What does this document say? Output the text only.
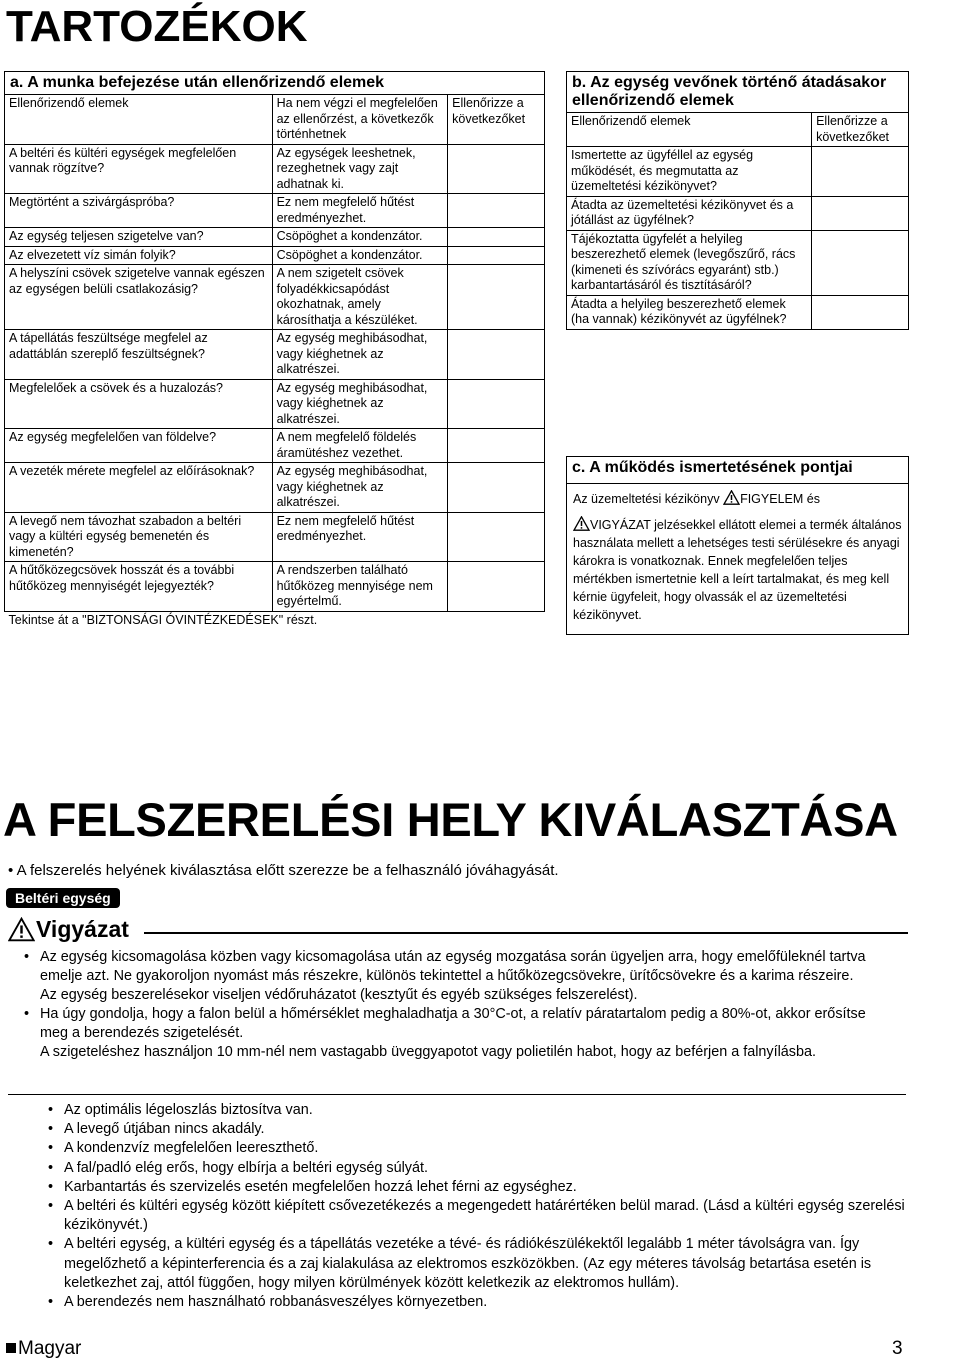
TARTOZÉKOK
a. A munka befejezése után ellenőrizendő elemek		
Ellenőrizendő elemek	Ha nem végzi el megfelelően az ellenőrzést, a következők történhetnek	Ellenőrizze a következőket
A beltéri és kültéri egységek megfelelően vannak rögzítve?	Az egységek leeshetnek, rezeghetnek vagy zajt adhatnak ki.	
Megtörtént a szivárgáspróba?	Ez nem megfelelő hűtést eredményezhet.	
Az egység teljesen szigetelve van?	Csöpöghet a kondenzátor.	
Az elvezetett víz simán folyik?	Csöpöghet a kondenzátor.	
A helyszíni csövek szigetelve vannak egészen az egységen belüli csatlakozásig?	A nem szigetelt csövek folyadékkicsapódást okozhatnak, amely károsíthatja a készüléket.	
A tápellátás feszültsége megfelel az adattáblán szereplő feszültségnek?	Az egység meghibásodhat, vagy kiéghetnek az alkatrészei.	
Megfelelőek a csövek és a huzalozás?	Az egység meghibásodhat, vagy kiéghetnek az alkatrészei.	
Az egység megfelelően van földelve?	A nem megfelelő földelés áramütéshez vezethet.	
A vezeték mérete megfelel az előírásoknak?	Az egység meghibásodhat, vagy kiéghetnek az alkatrészei.	
A levegő nem távozhat szabadon a beltéri vagy a kültéri egység bemenetén és kimenetén?	Ez nem megfelelő hűtést eredményezhet.	
A hűtőközegcsövek hosszát és a további hűtőközeg mennyiségét lejegyezték?	A rendszerben található hűtőközeg mennyisége nem egyértelmű.	
Tekintse át a "BIZTONSÁGI ÓVINTÉZKEDÉSEK" részt.		
b. Az egység vevőnek történő átadásakor ellenőrizendő elemek	
Ellenőrizendő elemek	Ellenőrizze a következőket
Ismertette az ügyféllel az egység működését, és megmutatta az üzemeltetési kézikönyvet?	
Átadta az üzemeltetési kézikönyvet és a jótállást az ügyfélnek?	
Tájékoztatta ügyfelét a helyileg beszerezhető elemek (levegőszűrő, rács (kimeneti és szívórács egyaránt) stb.) karbantartásáról és tisztításáról?	
Átadta a helyileg beszerezhető elemek (ha vannak) kézikönyvét az ügyfélnek?	
c. A működés ismertetésének pontjai
Az üzemeltetési kézikönyv FIGYELEM és
VIGYÁZAT jelzésekkel ellátott elemei a termék általános használata mellett a lehetséges testi sérülésekre és anyagi károkra is vonatkoznak. Ennek megfelelően teljes mértékben ismertetnie kell a leírt tartalmakat, és meg kell kérnie ügyfeleit, hogy olvassák el az üzemeltetési kézikönyvet.
A FELSZERELÉSI HELY KIVÁLASZTÁSA
• A felszerelés helyének kiválasztása előtt szerezze be a felhasználó jóváhagyását.
Beltéri egység
Vigyázat
• Az egység kicsomagolása közben vagy kicsomagolása után az egység mozgatása során ügyeljen arra, hogy emelőfüleknél tartva emelje azt. Ne gyakoroljon nyomást más részekre, különös tekintettel a hűtőközegcsövekre, ürítőcsövekre és a karima részeire.
Az egység beszerelésekor viseljen védőruházatot (kesztyűt és egyéb szükséges felszerelést).
• Ha úgy gondolja, hogy a falon belül a hőmérséklet meghaladhatja a 30°C-ot, a relatív páratartalom pedig a 80%-ot, akkor erősítse meg a berendezés szigetelését.
A szigeteléshez használjon 10 mm-nél nem vastagabb üveggyapotot vagy polietilén habot, hogy az beférjen a falnyílásba.
• Az optimális légeloszlás biztosítva van.
• A levegő útjában nincs akadály.
• A kondenzvíz megfelelően leereszthető.
• A fal/padló elég erős, hogy elbírja a beltéri egység súlyát.
• Karbantartás és szervizelés esetén megfelelően hozzá lehet férni az egységhez.
• A beltéri és kültéri egység között kiépített csővezetékezés a megengedett határértéken belül marad. (Lásd a kültéri egység szerelési kézikönyvét.)
• A beltéri egység, a kültéri egység és a tápellátás vezetéke a tévé- és rádiókészülékektől legalább 1 méter távolságra van. Így megelőzhető a képinterferencia és a zaj kialakulása az elektromos eszközökben. (Az egy méteres távolság betartása esetén is keletkezhet zaj, attól függően, hogy milyen körülmények között keletkezik az elektromos hullám).
• A berendezés nem használható robbanásveszélyes környezetben.
Magyar	3
